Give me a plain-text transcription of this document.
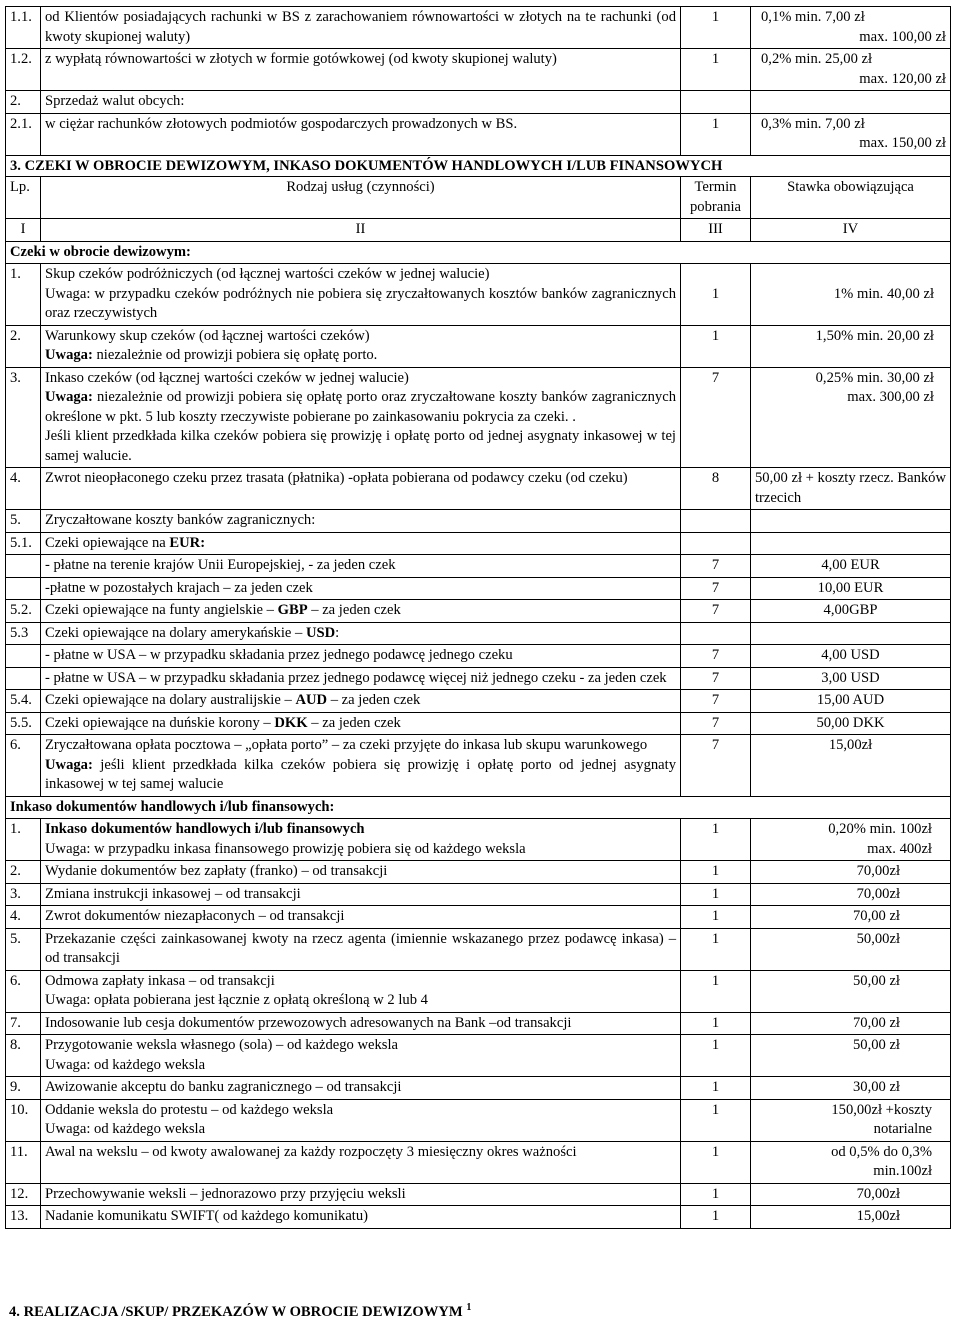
1.1.	od Klientów posiadających rachunki w BS z zarachowaniem równowartości w złotych na te rachunki (od kwoty skupionej waluty)	1	0,1% min. 7,00 zł
max. 100,00 zł

1.2.	z wypłatą równowartości w złotych w formie gotówkowej (od kwoty skupionej waluty)	1	0,2% min. 25,00 zł
max. 120,00 zł

2.	Sprzedaż walut obcych:		
2.1.	w ciężar rachunków złotowych podmiotów gospodarczych prowadzonych w BS.	1	0,3% min. 7,00 zł
max. 150,00 zł

3. CZEKI W OBROCIE DEWIZOWYM, INKASO DOKUMENTÓW HANDLOWYCH I/LUB FINANSOWYCH			
Lp.	Rodzaj usług (czynności)	Termin pobrania	Stawka obowiązująca
I	II	III	IV
Czeki w obrocie dewizowym:			
1.	Skup czeków podróżniczych (od łącznej wartości czeków w jednej walucie)
Uwaga: w przypadku czeków podróżnych nie pobiera się zryczałtowanych kosztów banków zagranicznych oraz rzeczywistych	1	1% min. 40,00 zł
2.	Warunkowy skup czeków (od łącznej wartości czeków)
Uwaga: niezależnie od prowizji pobiera się opłatę porto.	1	1,50% min. 20,00 zł
3.	Inkaso czeków (od łącznej wartości czeków w jednej walucie)
Uwaga: niezależnie od prowizji pobiera się opłatę porto oraz zryczałtowane koszty banków zagranicznych określone w pkt. 5 lub koszty rzeczywiste pobierane po zainkasowaniu pokrycia za czeki. .
Jeśli klient przedkłada kilka czeków pobiera się prowizję i opłatę porto od jednej asygnaty inkasowej w tej samej walucie.	7	0,25% min. 30,00 zł
max. 300,00 zł

4.	Zwrot nieopłaconego czeku przez trasata (płatnika) -opłata pobierana od podawcy czeku (od czeku)	8	50,00 zł + koszty rzecz. Banków trzecich
5.	Zryczałtowane koszty banków zagranicznych:		
5.1.	Czeki opiewające na EUR:		
	- płatne na terenie krajów Unii Europejskiej, - za jeden czek	7	4,00 EUR
	-płatne w pozostałych krajach – za jeden czek	7	10,00 EUR
5.2.	Czeki opiewające na funty angielskie – GBP – za jeden czek	7	4,00GBP
5.3	Czeki opiewające na dolary amerykańskie – USD:		
	- płatne w USA – w przypadku składania przez jednego podawcę jednego czeku	7	4,00 USD
	- płatne w USA – w przypadku składania przez jednego podawcę więcej niż jednego czeku - za jeden czek	7	3,00 USD
5.4.	Czeki opiewające na dolary australijskie – AUD – za jeden czek	7	15,00 AUD
5.5.	Czeki opiewające na duńskie korony – DKK – za jeden czek	7	50,00 DKK
6.	Zryczałtowana opłata pocztowa – „opłata porto” – za czeki przyjęte do inkasa lub skupu warunkowego
Uwaga: jeśli klient przedkłada kilka czeków pobiera się prowizję i opłatę porto od jednej asygnaty inkasowej w tej samej walucie	7	15,00zł
Inkaso dokumentów handlowych i/lub finansowych:			
1.	Inkaso dokumentów handlowych i/lub finansowych
Uwaga: w przypadku inkasa finansowego prowizję pobiera się od każdego weksla	1	0,20% min. 100zł
max. 400zł

2.	Wydanie dokumentów bez zapłaty (franko) – od transakcji	1	70,00zł

3.	Zmiana instrukcji inkasowej – od transakcji	1	70,00zł

4.	Zwrot dokumentów niezapłaconych – od transakcji	1	70,00 zł

5.	Przekazanie części zainkasowanej kwoty na rzecz agenta (imiennie wskazanego przez podawcę inkasa) – od transakcji	1	50,00zł

6.	Odmowa zapłaty inkasa – od transakcji
Uwaga: opłata pobierana jest łącznie z opłatą określoną w 2 lub 4	1	50,00 zł

7.	Indosowanie lub cesja dokumentów przewozowych adresowanych na Bank –od transakcji	1	70,00 zł

8.	Przygotowanie weksla własnego (sola) – od każdego weksla
Uwaga: od każdego weksla	1	50,00 zł

9.	Awizowanie akceptu do banku zagranicznego – od transakcji	1	30,00 zł

10.	Oddanie weksla do protestu – od każdego weksla
Uwaga: od każdego weksla	1	150,00zł +koszty
notarialne

11.	Awal na wekslu – od kwoty awalowanej za każdy rozpoczęty 3 miesięczny okres ważności	1	od 0,5% do 0,3%
min.100zł

12.	Przechowywanie weksli – jednorazowo przy przyjęciu weksli	1	70,00zł

13.	Nadanie komunikatu SWIFT( od każdego komunikatu)	1	15,00zł
4. REALIZACJA /SKUP/ PRZEKAZÓW W OBROCIE DEWIZOWYM $^1$
